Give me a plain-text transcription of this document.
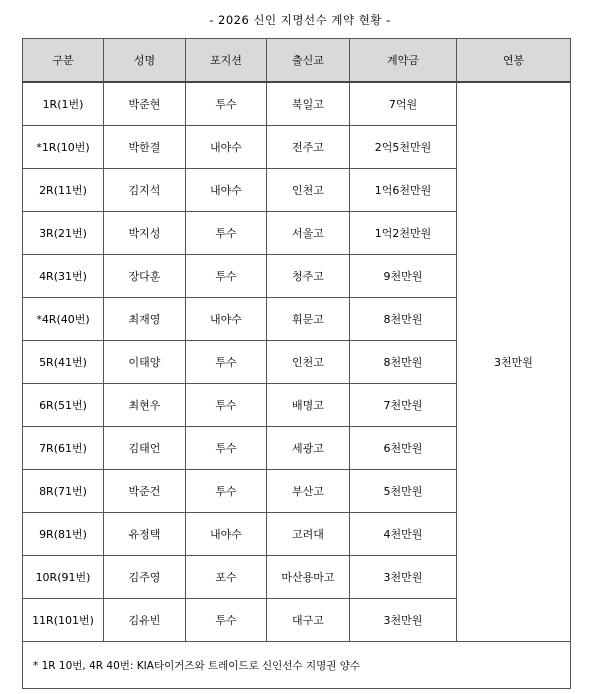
- 2026 신인 지명선수 계약 현황 -
구분	성명	포지션	출신교	계약금	연봉
1R(1번)	박준현	투수	북일고	7억원	3천만원
*1R(10번)	박한결	내야수	전주고	2억5천만원	
2R(11번)	김지석	내야수	인천고	1억6천만원	
3R(21번)	박지성	투수	서울고	1억2천만원	
4R(31번)	장다훈	투수	청주고	9천만원	
*4R(40번)	최재영	내야수	휘문고	8천만원	
5R(41번)	이태양	투수	인천고	8천만원	
6R(51번)	최현우	투수	배명고	7천만원	
7R(61번)	김태언	투수	세광고	6천만원	
8R(71번)	박준건	투수	부산고	5천만원	
9R(81번)	유정택	내야수	고려대	4천만원	
10R(91번)	김주영	포수	마산용마고	3천만원	
11R(101번)	김유빈	투수	대구고	3천만원	
* 1R 10번, 4R 40번: KIA타이거즈와 트레이드로 신인선수 지명권 양수					
